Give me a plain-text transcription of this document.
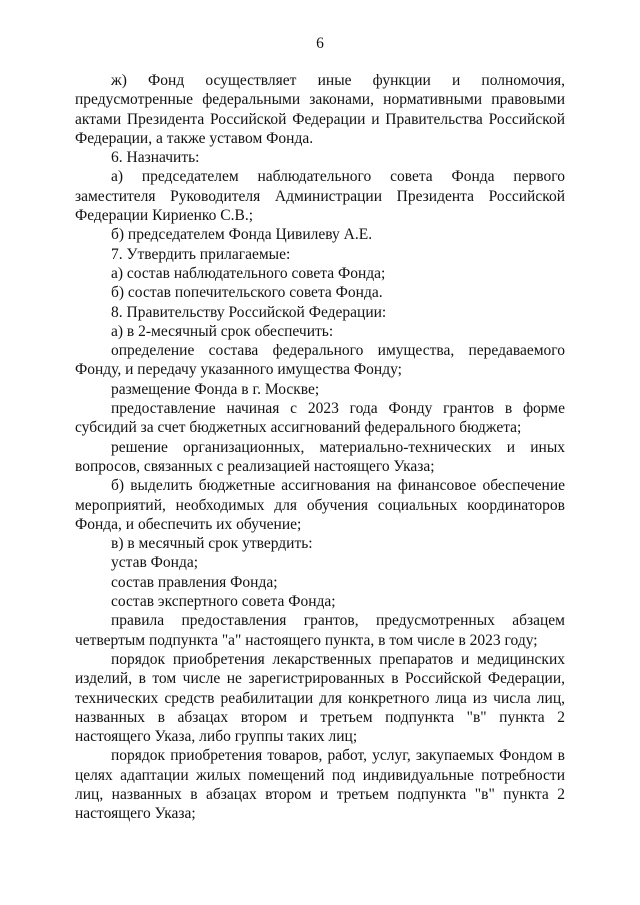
6

ж) Фонд осуществляет иные функции и полномочия, предусмотренные федеральными законами, нормативными правовыми актами Президента Российской Федерации и Правительства Российской Федерации, а также уставом Фонда.

6. Назначить:

а) председателем наблюдательного совета Фонда первого заместителя Руководителя Администрации Президента Российской Федерации Кириенко С.В.;

б) председателем Фонда Цивилеву А.Е.

7. Утвердить прилагаемые:

а) состав наблюдательного совета Фонда;

б) состав попечительского совета Фонда.

8. Правительству Российской Федерации:

а) в 2-месячный срок обеспечить:

определение состава федерального имущества, передаваемого Фонду, и передачу указанного имущества Фонду;

размещение Фонда в г. Москве;

предоставление начиная с 2023 года Фонду грантов в форме субсидий за счет бюджетных ассигнований федерального бюджета;

решение организационных, материально-технических и иных вопросов, связанных с реализацией настоящего Указа;

б) выделить бюджетные ассигнования на финансовое обеспечение мероприятий, необходимых для обучения социальных координаторов Фонда, и обеспечить их обучение;

в) в месячный срок утвердить:

устав Фонда;

состав правления Фонда;

состав экспертного совета Фонда;

правила предоставления грантов, предусмотренных абзацем четвертым подпункта "а" настоящего пункта, в том числе в 2023 году;

порядок приобретения лекарственных препаратов и медицинских изделий, в том числе не зарегистрированных в Российской Федерации, технических средств реабилитации для конкретного лица из числа лиц, названных в абзацах втором и третьем подпункта "в" пункта 2 настоящего Указа, либо группы таких лиц;

порядок приобретения товаров, работ, услуг, закупаемых Фондом в целях адаптации жилых помещений под индивидуальные потребности лиц, названных в абзацах втором и третьем подпункта "в" пункта 2 настоящего Указа;
